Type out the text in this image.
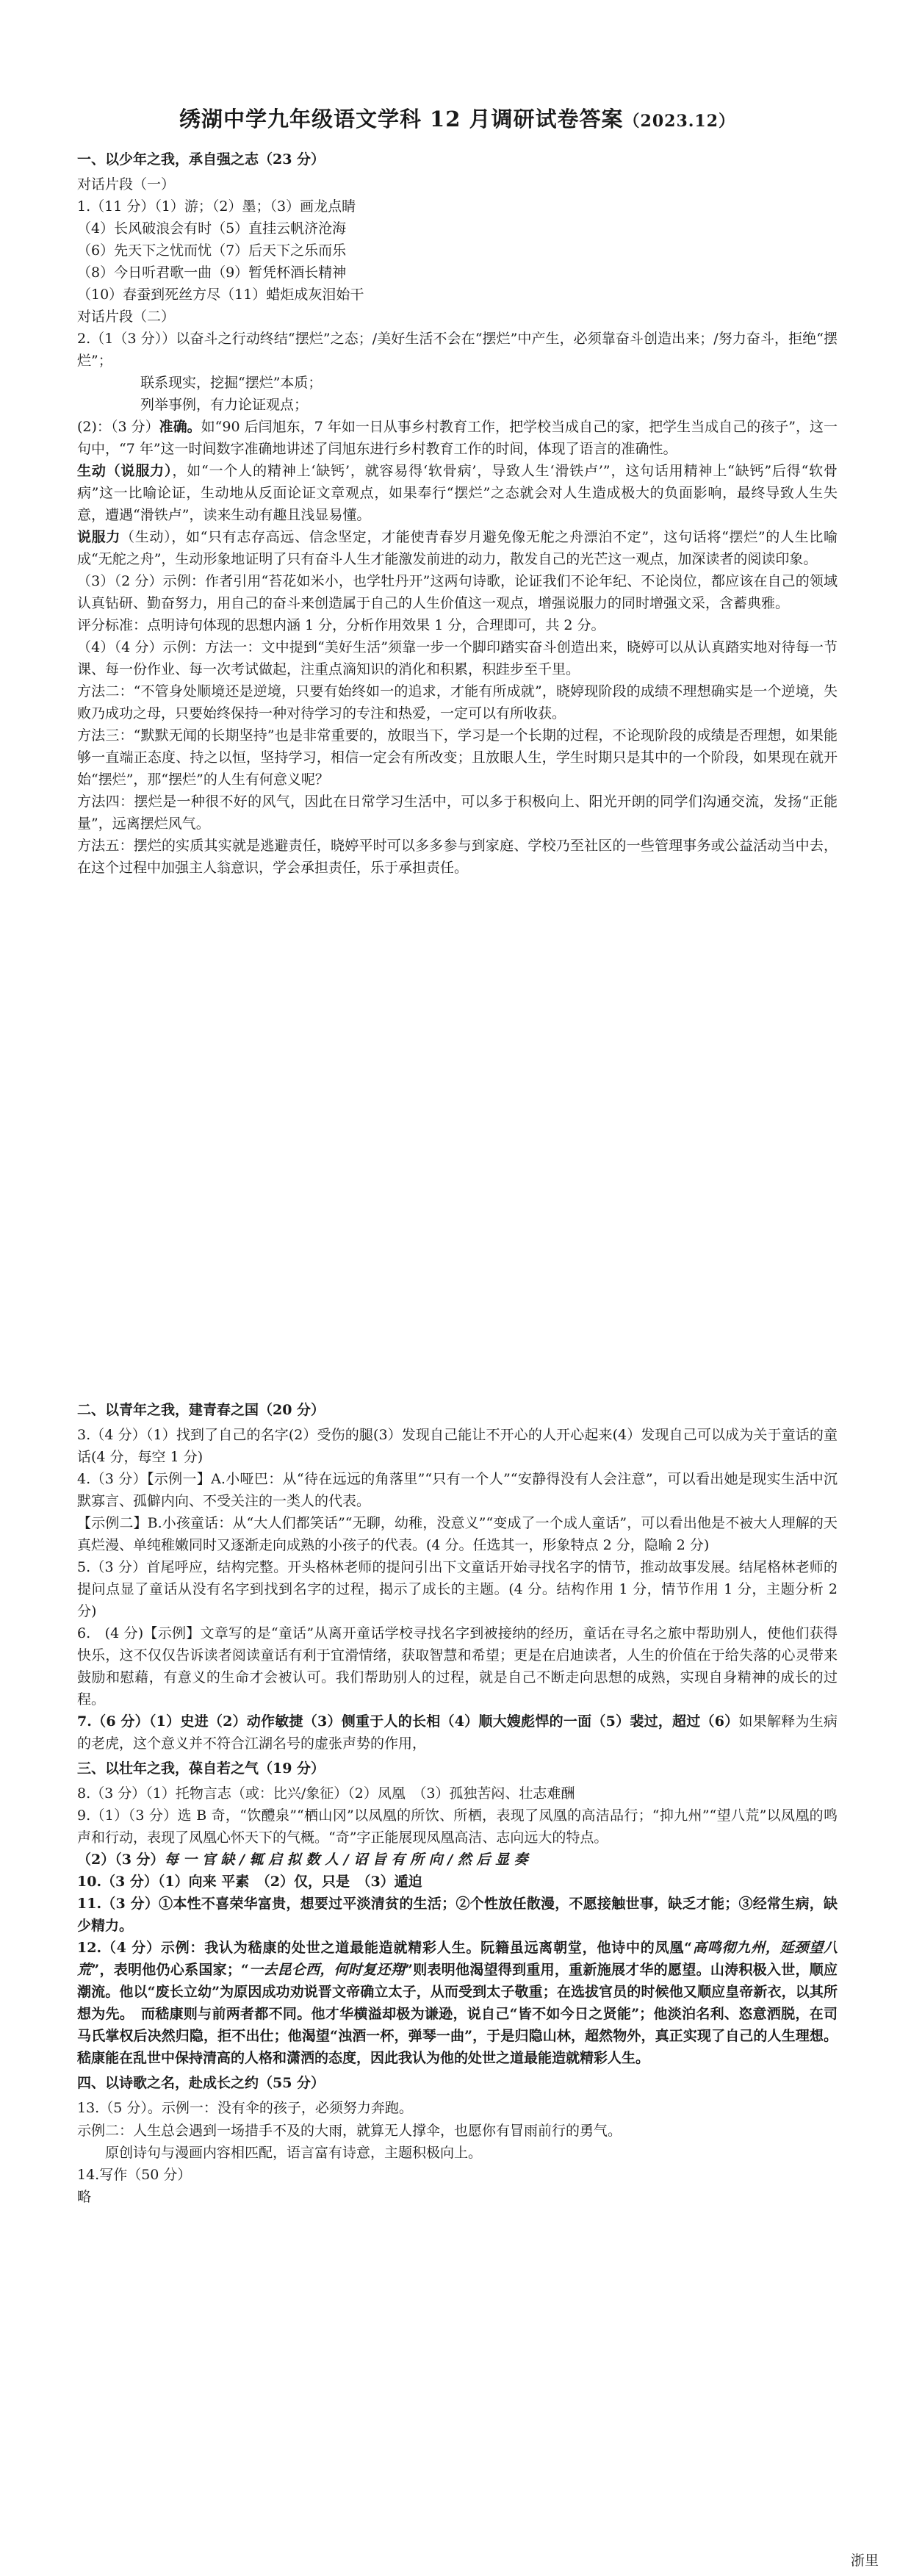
绣湖中学九年级语文学科 12 月调研试卷答案（2023.12）

一、以少年之我，承自强之志（23 分）

对话片段（一）

1.（11 分）（1）游；（2）墨；（3）画龙点睛

（4）长风破浪会有时（5）直挂云帆济沧海

（6）先天下之忧而忧（7）后天下之乐而乐

（8）今日听君歌一曲（9）暂凭杯酒长精神

（10）春蚕到死丝方尽（11）蜡炬成灰泪始干

对话片段（二）

2.（1（3 分））以奋斗之行动终结“摆烂”之态；/美好生活不会在“摆烂”中产生，必须靠奋斗创造出来；/努力奋斗，拒绝“摆烂”；

联系现实，挖掘“摆烂”本质；

列举事例，有力论证观点；

(2)：（3 分）准确。如“90 后闫旭东，7 年如一日从事乡村教育工作，把学校当成自己的家，把学生当成自己的孩子”，这一句中，“7 年”这一时间数字准确地讲述了闫旭东进行乡村教育工作的时间，体现了语言的准确性。

生动（说服力），如“一个人的精神上‘缺钙’，就容易得‘软骨病’，导致人生‘滑铁卢’”，这句话用精神上“缺钙”后得“软骨病”这一比喻论证，生动地从反面论证文章观点，如果奉行“摆烂”之态就会对人生造成极大的负面影响，最终导致人生失意，遭遇“滑铁卢”，读来生动有趣且浅显易懂。

说服力（生动），如“只有志存高远、信念坚定，才能使青春岁月避免像无舵之舟漂泊不定”，这句话将“摆烂”的人生比喻成“无舵之舟”，生动形象地证明了只有奋斗人生才能激发前进的动力，散发自己的光芒这一观点，加深读者的阅读印象。

（3）（2 分）示例：作者引用“苔花如米小，也学牡丹开”这两句诗歌，论证我们不论年纪、不论岗位，都应该在自己的领域认真钻研、勤奋努力，用自己的奋斗来创造属于自己的人生价值这一观点，增强说服力的同时增强文采，含蓄典雅。

评分标准：点明诗句体现的思想内涵 1 分，分析作用效果 1 分，合理即可，共 2 分。

（4）（4 分）示例：方法一：文中提到“美好生活”须靠一步一个脚印踏实奋斗创造出来，晓婷可以从认真踏实地对待每一节课、每一份作业、每一次考试做起，注重点滴知识的消化和积累，积跬步至千里。

方法二：“不管身处顺境还是逆境，只要有始终如一的追求，才能有所成就”，晓婷现阶段的成绩不理想确实是一个逆境，失败乃成功之母，只要始终保持一种对待学习的专注和热爱，一定可以有所收获。

方法三：“默默无闻的长期坚持”也是非常重要的，放眼当下，学习是一个长期的过程，不论现阶段的成绩是否理想，如果能够一直端正态度、持之以恒，坚持学习，相信一定会有所改变；且放眼人生，学生时期只是其中的一个阶段，如果现在就开始“摆烂”，那“摆烂”的人生有何意义呢？

方法四：摆烂是一种很不好的风气，因此在日常学习生活中，可以多于积极向上、阳光开朗的同学们沟通交流，发扬“正能量”，远离摆烂风气。

方法五：摆烂的实质其实就是逃避责任，晓婷平时可以多多参与到家庭、学校乃至社区的一些管理事务或公益活动当中去，在这个过程中加强主人翁意识，学会承担责任，乐于承担责任。

二、以青年之我，建青春之国（20 分）

3.（4 分）（1）找到了自己的名字(2）受伤的腿(3）发现自己能让不开心的人开心起来(4）发现自己可以成为关于童话的童话(4 分，每空 1 分)

4.（3 分）【示例一】A.小哑巴：从“待在远远的角落里”“只有一个人”“安静得没有人会注意”，可以看出她是现实生活中沉默寡言、孤僻内向、不受关注的一类人的代表。

【示例二】B.小孩童话：从“大人们都笑话”“无聊，幼稚，没意义”“变成了一个成人童话”，可以看出他是不被大人理解的天真烂漫、单纯稚嫩同时又逐渐走向成熟的小孩子的代表。(4 分。任选其一，形象特点 2 分，隐喻 2 分)

5.（3 分）首尾呼应，结构完整。开头格林老师的提问引出下文童话开始寻找名字的情节，推动故事发展。结尾格林老师的提问点显了童话从没有名字到找到名字的过程，揭示了成长的主题。(4 分。结构作用 1 分，情节作用 1 分，主题分析 2 分)

6.　(4 分)【示例】文章写的是“童话”从离开童话学校寻找名字到被接纳的经历，童话在寻名之旅中帮助别人，使他们获得快乐，这不仅仅告诉读者阅读童话有利于宜滑情绪，获取智慧和希望；更是在启迪读者，人生的价值在于给失落的心灵带来鼓励和慰藉，有意义的生命才会被认可。我们帮助别人的过程，就是自己不断走向思想的成熟，实现自身精神的成长的过程。

7.（6 分）（1）史进（2）动作敏捷（3）侧重于人的长相（4）顺大嫂彪悍的一面（5）裴过，超过（6）如果解释为生病的老虎，这个意义并不符合江湖名号的虚张声势的作用，

三、以壮年之我，葆自若之气（19 分）

8.（3 分）（1）托物言志（或：比兴/象征）（2）凤凰　（3）孤独苦闷、壮志难酬

9.（1）（3 分）选 B 奇，“饮醴泉”“栖山冈”以凤凰的所饮、所栖，表现了凤凰的高洁品行；“抑九州”“望八荒”以凤凰的鸣声和行动，表现了凤凰心怀天下的气概。“奇”字正能展现凤凰高洁、志向远大的特点。

（2）（3 分）每 一 官 缺 / 辄 启 拟 数 人 / 诏 旨 有 所 向 / 然 后 显 奏

10.（3 分）（1）向来 平素　（2）仅，只是　（3）遁迫

11.（3 分）①本性不喜荣华富贵，想要过平淡清贫的生活；②个性放任散漫，不愿接触世事，缺乏才能；③经常生病，缺少精力。

12.（4 分）示例：我认为嵇康的处世之道最能造就精彩人生。阮籍虽远离朝堂，他诗中的凤凰“高鸣彻九州，延颈望八荒”，表明他仍心系国家；“一去昆仑西，何时复还翔”则表明他渴望得到重用，重新施展才华的愿望。山涛积极入世，顺应潮流。他以“废长立幼”为原因成功劝说晋文帝确立太子，从而受到太子敬重；在选拔官员的时候他又顺应皇帝新衣，以其所想为先。　而嵇康则与前两者都不同。他才华横溢却极为谦逊，说自己“皆不如今日之贤能”；他淡泊名利、恣意洒脱，在司马氏掌权后决然归隐，拒不出仕；他渴望“浊酒一杯，弹琴一曲”，于是归隐山林，超然物外，真正实现了自己的人生理想。嵇康能在乱世中保持清高的人格和潇洒的态度，因此我认为他的处世之道最能造就精彩人生。

四、以诗歌之名，赴成长之约（55 分）

13.（5 分）。示例一：没有伞的孩子，必须努力奔跑。

示例二：人生总会遇到一场措手不及的大雨，就算无人撑伞，也愿你有冒雨前行的勇气。

原创诗句与漫画内容相匹配，语言富有诗意，主题积极向上。

14.写作（50 分）

略

浙里
